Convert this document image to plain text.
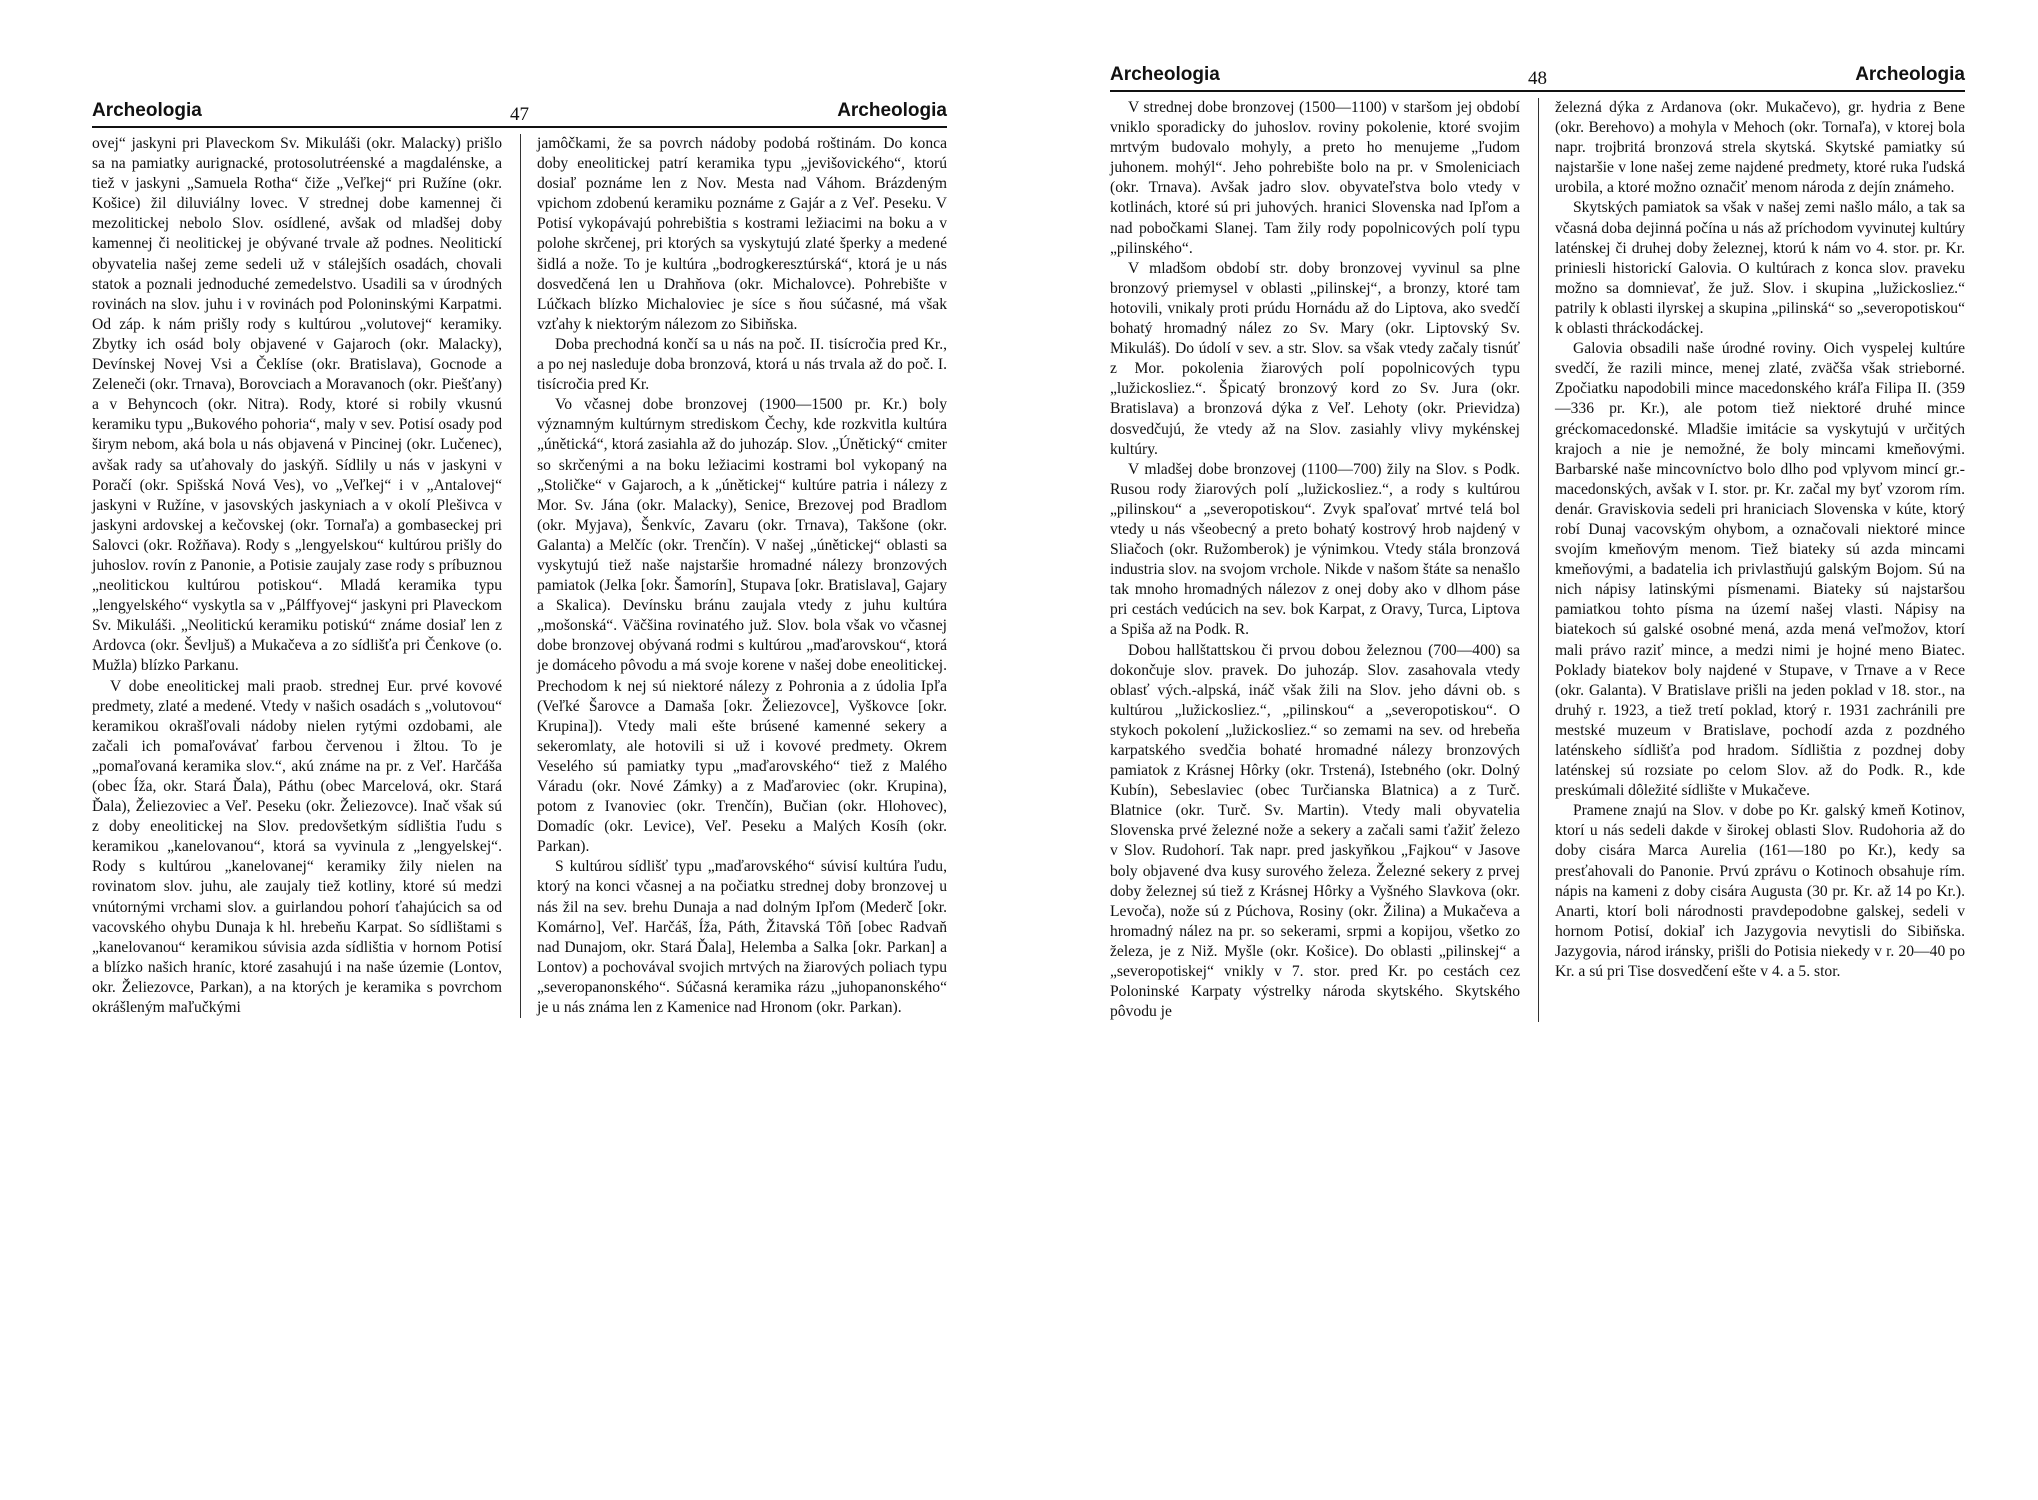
Archeologia	47	Archeologia

ovej“ jaskyni pri Plaveckom Sv. Mikuláši (okr. Malacky) prišlo sa na pamiatky aurignacké, protosolutréenské a magdalénske, a tiež v jaskyni „Samuela Rotha“ čiže „Veľkej“ pri Ružíne (okr. Košice) žil diluviálny lovec. V strednej dobe kamennej či mezolitickej nebolo Slov. osídlené, avšak od mladšej doby kamennej či neolitickej je obývané trvale až podnes. Neolitickí obyvatelia našej zeme sedeli už v stálejších osadách, chovali statok a poznali jednoduché zemedelstvo. Usadili sa v úrodných rovinách na slov. juhu i v rovinách pod Poloninskými Karpatmi. Od záp. k nám prišly rody s kultúrou „volutovej“ keramiky. Zbytky ich osád boly objavené v Gajaroch (okr. Malacky), Devínskej Novej Vsi a Čeklíse (okr. Bratislava), Gocnode a Zeleneči (okr. Trnava), Borovciach a Moravanoch (okr. Piešťany) a v Behyncoch (okr. Nitra). Rody, ktoré si robily vkusnú keramiku typu „Bukového pohoria“, maly v sev. Potisí osady pod širym nebom, aká bola u nás objavená v Pincinej (okr. Lučenec), avšak rady sa uťahovaly do jaskýň. Sídlily u nás v jaskyni v Poračí (okr. Spišská Nová Ves), vo „Veľkej“ i v „Antalovej“ jaskyni v Ružíne, v jasovských jaskyniach a v okolí Plešivca v jaskyni ardovskej a kečovskej (okr. Tornaľa) a gombaseckej pri Salovci (okr. Rožňava). Rody s „lengyelskou“ kultúrou prišly do juhoslov. rovín z Panonie, a Potisie zaujaly zase rody s príbuznou „neolitickou kultúrou potiskou“. Mladá keramika typu „lengyelského“ vyskytla sa v „Pálffyovej“ jaskyni pri Plaveckom Sv. Mikuláši. „Neolitickú keramiku potiskú“ známe dosiaľ len z Ardovca (okr. Ševljuš) a Mukačeva a zo sídlišťa pri Čenkove (o. Mužla) blízko Parkanu.

V dobe eneolitickej mali praob. strednej Eur. prvé kovové predmety, zlaté a medené. Vtedy v našich osadách s „volutovou“ keramikou okrašľovali nádoby nielen rytými ozdobami, ale začali ich pomaľovávať farbou červenou i žltou. To je „pomaľovaná keramika slov.“, akú známe na pr. z Veľ. Harčáša (obec Íža, okr. Stará Ďala), Páthu (obec Marcelová, okr. Stará Ďala), Želiezoviec a Veľ. Peseku (okr. Želiezovce). Inač však sú z doby eneolitickej na Slov. predovšetkým sídlištia ľudu s keramikou „kanelovanou“, ktorá sa vyvinula z „lengyelskej“. Rody s kultúrou „kanelovanej“ keramiky žily nielen na rovinatom slov. juhu, ale zaujaly tiež kotliny, ktoré sú medzi vnútornými vrchami slov. a guirlandou pohorí ťahajúcich sa od vacovského ohybu Dunaja k hl. hrebeňu Karpat. So sídlištami s „kanelovanou“ keramikou súvisia azda sídlištia v hornom Potisí a blízko našich hraníc, ktoré zasahujú i na naše územie (Lontov, okr. Želiezovce, Parkan), a na ktorých je keramika s povrchom okrášleným maľučkými

jamôčkami, že sa povrch nádoby podobá roštinám. Do konca doby eneolitickej patrí keramika typu „jevišovického“, ktorú dosiaľ poznáme len z Nov. Mesta nad Váhom. Brázdeným vpichom zdobenú keramiku poznáme z Gajár a z Veľ. Peseku. V Potisí vykopávajú pohrebištia s kostrami ležiacimi na boku a v polohe skrčenej, pri ktorých sa vyskytujú zlaté šperky a medené šidlá a nože. To je kultúra „bodrogkeresztúrská“, ktorá je u nás dosvedčená len u Drahňova (okr. Michalovce). Pohrebište v Lúčkach blízko Michaloviec je síce s ňou súčasné, má však vzťahy k niektorým nálezom zo Sibiňska.

Doba prechodná končí sa u nás na poč. II. tisícročia pred Kr., a po nej nasleduje doba bronzová, ktorá u nás trvala až do poč. I. tisícročia pred Kr.

Vo včasnej dobe bronzovej (1900—1500 pr. Kr.) boly významným kultúrnym strediskom Čechy, kde rozkvitla kultúra „únětická“, ktorá zasiahla až do juhozáp. Slov. „Únětický“ cmiter so skrčenými a na boku ležiacimi kostrami bol vykopaný na „Stoličke“ v Gajaroch, a k „únětickej“ kultúre patria i nálezy z Mor. Sv. Jána (okr. Malacky), Senice, Brezovej pod Bradlom (okr. Myjava), Šenkvíc, Zavaru (okr. Trnava), Takšone (okr. Galanta) a Melčíc (okr. Trenčín). V našej „únětickej“ oblasti sa vyskytujú tiež naše najstaršie hromadné nálezy bronzových pamiatok (Jelka [okr. Šamorín], Stupava [okr. Bratislava], Gajary a Skalica). Devínsku bránu zaujala vtedy z juhu kultúra „mošonská“. Väčšina rovinatého juž. Slov. bola však vo včasnej dobe bronzovej obývaná rodmi s kultúrou „maďarovskou“, ktorá je domáceho pôvodu a má svoje korene v našej dobe eneolitickej. Prechodom k nej sú niektoré nálezy z Pohronia a z údolia Ipľa (Veľké Šarovce a Damaša [okr. Želiezovce], Vyškovce [okr. Krupina]). Vtedy mali ešte brúsené kamenné sekery a sekeromlaty, ale hotovili si už i kovové predmety. Okrem Veselého sú pamiatky typu „maďarovského“ tiež z Malého Váradu (okr. Nové Zámky) a z Maďaroviec (okr. Krupina), potom z Ivanoviec (okr. Trenčín), Bučian (okr. Hlohovec), Domadíc (okr. Levice), Veľ. Peseku a Malých Kosíh (okr. Parkan).

S kultúrou sídlišť typu „maďarovského“ súvisí kultúra ľudu, ktorý na konci včasnej a na počiatku strednej doby bronzovej u nás žil na sev. brehu Dunaja a nad dolným Ipľom (Mederč [okr. Komárno], Veľ. Harčáš, Íža, Páth, Žitavská Tôň [obec Radvaň nad Dunajom, okr. Stará Ďala], Helemba a Salka [okr. Parkan] a Lontov) a pochovával svojich mrtvých na žiarových poliach typu „severopanonského“. Súčasná keramika rázu „juhopanonského“ je u nás známa len z Kamenice nad Hronom (okr. Parkan).

Archeologia	48	Archeologia

V strednej dobe bronzovej (1500—1100) v staršom jej období vniklo sporadicky do juhoslov. roviny pokolenie, ktoré svojim mrtvým budovalo mohyly, a preto ho menujeme „ľudom juhonem. mohýl“. Jeho pohrebište bolo na pr. v Smoleniciach (okr. Trnava). Avšak jadro slov. obyvateľstva bolo vtedy v kotlinách, ktoré sú pri juhových. hranici Slovenska nad Ipľom a nad pobočkami Slanej. Tam žily rody popolnicových polí typu „pilinského“.

V mladšom období str. doby bronzovej vyvinul sa plne bronzový priemysel v oblasti „pilinskej“, a bronzy, ktoré tam hotovili, vnikaly proti prúdu Hornádu až do Liptova, ako svedčí bohatý hromadný nález zo Sv. Mary (okr. Liptovský Sv. Mikuláš). Do údolí v sev. a str. Slov. sa však vtedy začaly tisnúť z Mor. pokolenia žiarových polí popolnicových typu „lužickosliez.“. Špicatý bronzový kord zo Sv. Jura (okr. Bratislava) a bronzová dýka z Veľ. Lehoty (okr. Prievidza) dosvedčujú, že vtedy až na Slov. zasiahly vlivy mykénskej kultúry.

V mladšej dobe bronzovej (1100—700) žily na Slov. s Podk. Rusou rody žiarových polí „lužickosliez.“, a rody s kultúrou „pilinskou“ a „severopotiskou“. Zvyk spaľovať mrtvé telá bol vtedy u nás všeobecný a preto bohatý kostrový hrob najdený v Sliačoch (okr. Ružomberok) je výnimkou. Vtedy stála bronzová industria slov. na svojom vrchole. Nikde v našom štáte sa nenašlo tak mnoho hromadných nálezov z onej doby ako v dlhom páse pri cestách vedúcich na sev. bok Karpat, z Oravy, Turca, Liptova a Spiša až na Podk. R.

Dobou hallštattskou či prvou dobou železnou (700—400) sa dokončuje slov. pravek. Do juhozáp. Slov. zasahovala vtedy oblasť vých.-alpská, ináč však žili na Slov. jeho dávni ob. s kultúrou „lužickosliez.“, „pilinskou“ a „severopotiskou“. O stykoch pokolení „lužickosliez.“ so zemami na sev. od hrebeňa karpatského svedčia bohaté hromadné nálezy bronzových pamiatok z Krásnej Hôrky (okr. Trstená), Istebného (okr. Dolný Kubín), Sebeslaviec (obec Turčianska Blatnica) a z Turč. Blatnice (okr. Turč. Sv. Martin). Vtedy mali obyvatelia Slovenska prvé železné nože a sekery a začali sami ťažiť železo v Slov. Rudohorí. Tak napr. pred jaskyňkou „Fajkou“ v Jasove boly objavené dva kusy surového železa. Železné sekery z prvej doby železnej sú tiež z Krásnej Hôrky a Vyšného Slavkova (okr. Levoča), nože sú z Púchova, Rosiny (okr. Žilina) a Mukačeva a hromadný nález na pr. so sekerami, srpmi a kopijou, všetko zo železa, je z Niž. Myšle (okr. Košice). Do oblasti „pilinskej“ a „severopotiskej“ vnikly v 7. stor. pred Kr. po cestách cez Poloninské Karpaty výstrelky národa skytského. Skytského pôvodu je

železná dýka z Ardanova (okr. Mukačevo), gr. hydria z Bene (okr. Berehovo) a mohyla v Mehoch (okr. Tornaľa), v ktorej bola napr. trojbritá bronzová strela skytská. Skytské pamiatky sú najstaršie v lone našej zeme najdené predmety, ktoré ruka ľudská urobila, a ktoré možno označiť menom národa z dejín známeho.

Skytských pamiatok sa však v našej zemi našlo málo, a tak sa včasná doba dejinná počína u nás až príchodom vyvinutej kultúry laténskej či druhej doby železnej, ktorú k nám vo 4. stor. pr. Kr. priniesli historickí Galovia. O kultúrach z konca slov. praveku možno sa domnievať, že juž. Slov. i skupina „lužickosliez.“ patrily k oblasti ilyrskej a skupina „pilinská“ so „severopotiskou“ k oblasti thráckodáckej.

Galovia obsadili naše úrodné roviny. Oich vyspelej kultúre svedčí, že razili mince, menej zlaté, zväčša však strieborné. Zpočiatku napodobili mince macedonského kráľa Filipa II. (359—336 pr. Kr.), ale potom tiež niektoré druhé mince gréckomacedonské. Mladšie imitácie sa vyskytujú v určitých krajoch a nie je nemožné, že boly mincami kmeňovými. Barbarské naše mincovníctvo bolo dlho pod vplyvom mincí gr.-macedonských, avšak v I. stor. pr. Kr. začal my byť vzorom rím. denár. Graviskovia sedeli pri hraniciach Slovenska v kúte, ktorý robí Dunaj vacovským ohybom, a označovali niektoré mince svojím kmeňovým menom. Tiež biateky sú azda mincami kmeňovými, a badatelia ich privlastňujú galským Bojom. Sú na nich nápisy latinskými písmenami. Biateky sú najstaršou pamiatkou tohto písma na území našej vlasti. Nápisy na biatekoch sú galské osobné mená, azda mená veľmožov, ktorí mali právo raziť mince, a medzi nimi je hojné meno Biatec. Poklady biatekov boly najdené v Stupave, v Trnave a v Rece (okr. Galanta). V Bratislave prišli na jeden poklad v 18. stor., na druhý r. 1923, a tiež tretí poklad, ktorý r. 1931 zachránili pre mestské muzeum v Bratislave, pochodí azda z pozdného laténskeho sídlišťa pod hradom. Sídlištia z pozdnej doby laténskej sú rozsiate po celom Slov. až do Podk. R., kde preskúmali dôležité sídlište v Mukačeve.

Pramene znajú na Slov. v dobe po Kr. galský kmeň Kotinov, ktorí u nás sedeli dakde v širokej oblasti Slov. Rudohoria až do doby cisára Marca Aurelia (161—180 po Kr.), kedy sa presťahovali do Panonie. Prvú zprávu o Kotinoch obsahuje rím. nápis na kameni z doby cisára Augusta (30 pr. Kr. až 14 po Kr.). Anarti, ktorí boli národnosti pravdepodobne galskej, sedeli v hornom Potisí, dokiaľ ich Jazygovia nevytisli do Sibiňska. Jazygovia, národ iránsky, prišli do Potisia niekedy v r. 20—40 po Kr. a sú pri Tise dosvedčení ešte v 4. a 5. stor.
